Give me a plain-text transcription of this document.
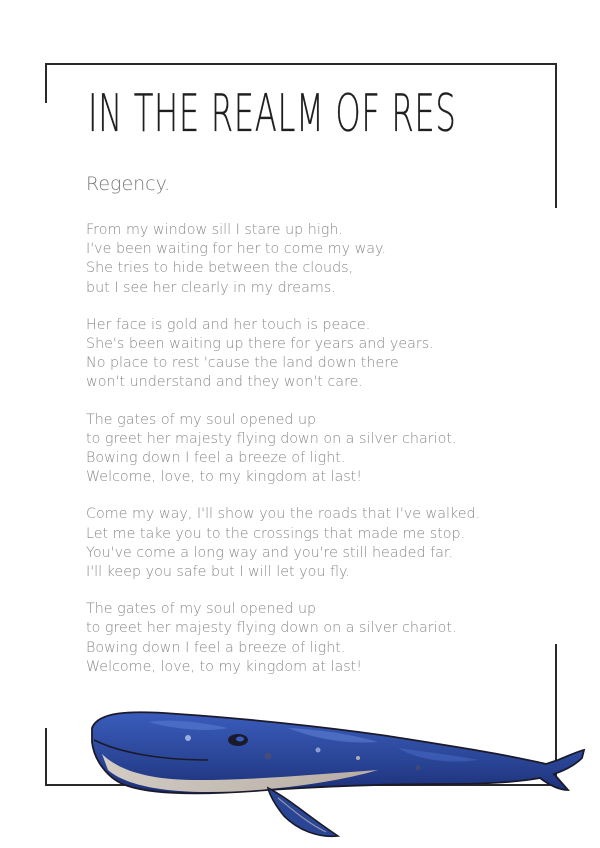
IN THE REALM OF RES
Regency.
From my window sill I stare up high.
I've been waiting for her to come my way.
She tries to hide between the clouds,
but I see her clearly in my dreams.
Her face is gold and her touch is peace.
She's been waiting up there for years and years.
No place to rest 'cause the land down there
won't understand and they won't care.
The gates of my soul opened up
to greet her majesty flying down on a silver chariot.
Bowing down I feel a breeze of light.
Welcome, love, to my kingdom at last!
Come my way, I'll show you the roads that I've walked.
Let me take you to the crossings that made me stop.
You've come a long way and you're still headed far.
I'll keep you safe but I will let you fly.
The gates of my soul opened up
to greet her majesty flying down on a silver chariot.
Bowing down I feel a breeze of light.
Welcome, love, to my kingdom at last!
